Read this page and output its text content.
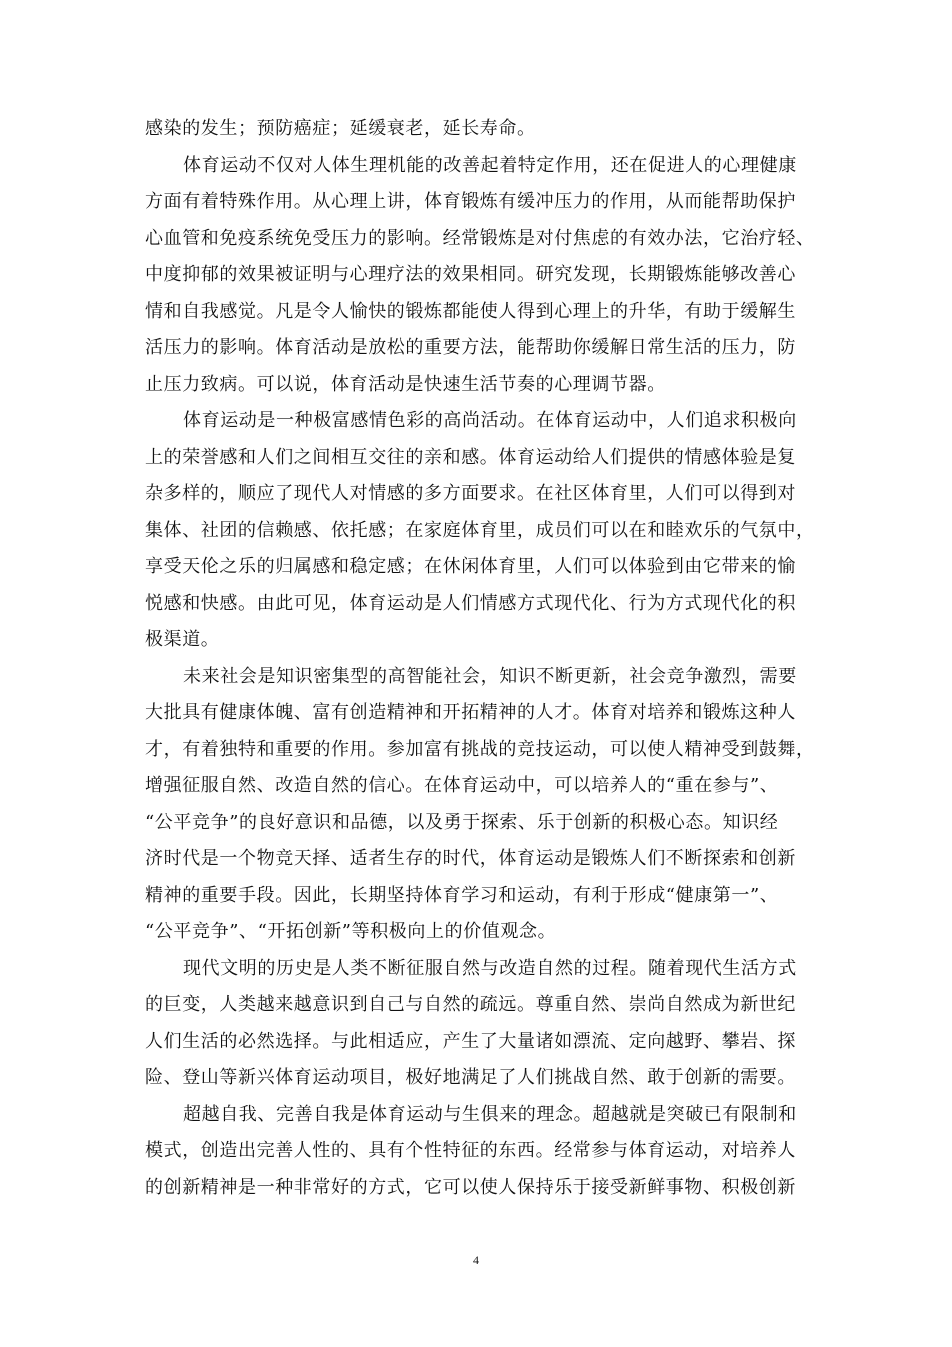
感染的发生；预防癌症；延缓衰老，延长寿命。
体育运动不仅对人体生理机能的改善起着特定作用，还在促进人的心理健康
方面有着特殊作用。从心理上讲，体育锻炼有缓冲压力的作用，从而能帮助保护
心血管和免疫系统免受压力的影响。经常锻炼是对付焦虑的有效办法，它治疗轻、
中度抑郁的效果被证明与心理疗法的效果相同。研究发现，长期锻炼能够改善心
情和自我感觉。凡是令人愉快的锻炼都能使人得到心理上的升华，有助于缓解生
活压力的影响。体育活动是放松的重要方法，能帮助你缓解日常生活的压力，防
止压力致病。可以说，体育活动是快速生活节奏的心理调节器。
体育运动是一种极富感情色彩的高尚活动。在体育运动中，人们追求积极向
上的荣誉感和人们之间相互交往的亲和感。体育运动给人们提供的情感体验是复
杂多样的，顺应了现代人对情感的多方面要求。在社区体育里，人们可以得到对
集体、社团的信赖感、依托感；在家庭体育里，成员们可以在和睦欢乐的气氛中，
享受天伦之乐的归属感和稳定感；在休闲体育里，人们可以体验到由它带来的愉
悦感和快感。由此可见，体育运动是人们情感方式现代化、行为方式现代化的积
极渠道。
未来社会是知识密集型的高智能社会，知识不断更新，社会竞争激烈，需要
大批具有健康体魄、富有创造精神和开拓精神的人才。体育对培养和锻炼这种人
才，有着独特和重要的作用。参加富有挑战的竞技运动，可以使人精神受到鼓舞，
增强征服自然、改造自然的信心。在体育运动中，可以培养人的“重在参与”、
“公平竞争”的良好意识和品德，以及勇于探索、乐于创新的积极心态。知识经
济时代是一个物竞天择、适者生存的时代，体育运动是锻炼人们不断探索和创新
精神的重要手段。因此，长期坚持体育学习和运动，有利于形成“健康第一”、
“公平竞争”、“开拓创新”等积极向上的价值观念。
现代文明的历史是人类不断征服自然与改造自然的过程。随着现代生活方式
的巨变，人类越来越意识到自己与自然的疏远。尊重自然、崇尚自然成为新世纪
人们生活的必然选择。与此相适应，产生了大量诸如漂流、定向越野、攀岩、探
险、登山等新兴体育运动项目，极好地满足了人们挑战自然、敢于创新的需要。
超越自我、完善自我是体育运动与生俱来的理念。超越就是突破已有限制和
模式，创造出完善人性的、具有个性特征的东西。经常参与体育运动，对培养人
的创新精神是一种非常好的方式，它可以使人保持乐于接受新鲜事物、积极创新
4
